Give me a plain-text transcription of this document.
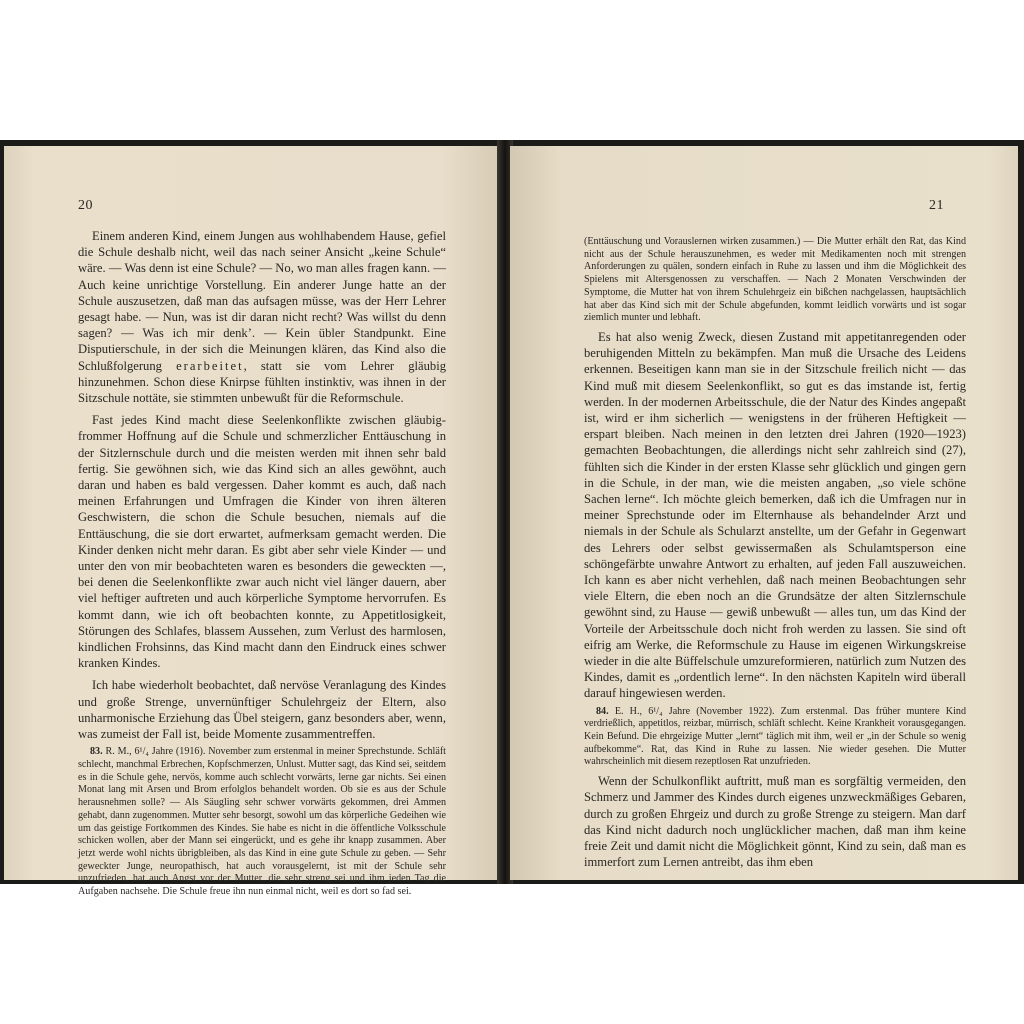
20

Einem anderen Kind, einem Jungen aus wohlhabendem Hause, gefiel die Schule deshalb nicht, weil das nach seiner Ansicht „keine Schule“ wäre. — Was denn ist eine Schule? — No, wo man alles fragen kann. — Auch keine unrichtige Vorstellung. Ein anderer Junge hatte an der Schule auszusetzen, daß man das aufsagen müsse, was der Herr Lehrer gesagt habe. — Nun, was ist dir daran nicht recht? Was willst du denn sagen? — Was ich mir denk’. — Kein übler Standpunkt. Eine Disputierschule, in der sich die Meinungen klären, das Kind also die Schlußfolgerung erarbeitet, statt sie vom Lehrer gläubig hinzunehmen. Schon diese Knirpse fühlten instinktiv, was ihnen in der Sitzschule nottäte, sie stimmten unbewußt für die Reformschule.

Fast jedes Kind macht diese Seelenkonflikte zwischen gläubig-frommer Hoffnung auf die Schule und schmerzlicher Enttäuschung in der Sitzlernschule durch und die meisten werden mit ihnen sehr bald fertig. Sie gewöhnen sich, wie das Kind sich an alles gewöhnt, auch daran und haben es bald vergessen. Daher kommt es auch, daß nach meinen Erfahrungen und Umfragen die Kinder von ihren älteren Geschwistern, die schon die Schule besuchen, niemals auf die Enttäuschung, die sie dort erwartet, aufmerksam gemacht werden. Die Kinder denken nicht mehr daran. Es gibt aber sehr viele Kinder — und unter den von mir beobachteten waren es besonders die geweckten —, bei denen die Seelenkonflikte zwar auch nicht viel länger dauern, aber viel heftiger auftreten und auch körperliche Symptome hervorrufen. Es kommt dann, wie ich oft beobachten konnte, zu Appetitlosigkeit, Störungen des Schlafes, blassem Aussehen, zum Verlust des harmlosen, kindlichen Frohsinns, das Kind macht dann den Eindruck eines schwer kranken Kindes.

Ich habe wiederholt beobachtet, daß nervöse Veranlagung des Kindes und große Strenge, unvernünftiger Schulehrgeiz der Eltern, also unharmonische Erziehung das Übel steigern, ganz besonders aber, wenn, was zumeist der Fall ist, beide Momente zusammentreffen.

83. R. M., 6¹/₄ Jahre (1916). November zum erstenmal in meiner Sprechstunde. Schläft schlecht, manchmal Erbrechen, Kopfschmerzen, Unlust. Mutter sagt, das Kind sei, seitdem es in die Schule gehe, nervös, komme auch schlecht vorwärts, lerne gar nichts. Sei einen Monat lang mit Arsen und Brom erfolglos behandelt worden. Ob sie es aus der Schule herausnehmen solle? — Als Säugling sehr schwer vorwärts gekommen, drei Ammen gehabt, dann zugenommen. Mutter sehr besorgt, sowohl um das körperliche Gedeihen wie um das geistige Fortkommen des Kindes. Sie habe es nicht in die öffentliche Volksschule schicken wollen, aber der Mann sei eingerückt, und es gehe ihr knapp zusammen. Aber jetzt werde wohl nichts übrigbleiben, als das Kind in eine gute Schule zu geben. — Sehr geweckter Junge, neuropathisch, hat auch vorausgelernt, ist mit der Schule sehr unzufrieden, hat auch Angst vor der Mutter, die sehr streng sei und ihm jeden Tag die Aufgaben nachsehe. Die Schule freue ihn nun einmal nicht, weil es dort so fad sei.

21

(Enttäuschung und Vorauslernen wirken zusammen.) — Die Mutter erhält den Rat, das Kind nicht aus der Schule herauszunehmen, es weder mit Medikamenten noch mit strengen Anforderungen zu quälen, sondern einfach in Ruhe zu lassen und ihm die Möglichkeit des Spielens mit Altersgenossen zu verschaffen. — Nach 2 Monaten Verschwinden der Symptome, die Mutter hat von ihrem Schulehrgeiz ein bißchen nachgelassen, hauptsächlich hat aber das Kind sich mit der Schule abgefunden, kommt leidlich vorwärts und ist sogar ziemlich munter und lebhaft.

Es hat also wenig Zweck, diesen Zustand mit appetitanregenden oder beruhigenden Mitteln zu bekämpfen. Man muß die Ursache des Leidens erkennen. Beseitigen kann man sie in der Sitzschule freilich nicht — das Kind muß mit diesem Seelenkonflikt, so gut es das imstande ist, fertig werden. In der modernen Arbeitsschule, die der Natur des Kindes angepaßt ist, wird er ihm sicherlich — wenigstens in der früheren Heftigkeit — erspart bleiben. Nach meinen in den letzten drei Jahren (1920—1923) gemachten Beobachtungen, die allerdings nicht sehr zahlreich sind (27), fühlten sich die Kinder in der ersten Klasse sehr glücklich und gingen gern in die Schule, in der man, wie die meisten angaben, „so viele schöne Sachen lerne“. Ich möchte gleich bemerken, daß ich die Umfragen nur in meiner Sprechstunde oder im Elternhause als behandelnder Arzt und niemals in der Schule als Schularzt anstellte, um der Gefahr in Gegenwart des Lehrers oder selbst gewissermaßen als Schulamtsperson eine schöngefärbte unwahre Antwort zu erhalten, auf jeden Fall auszuweichen. Ich kann es aber nicht verhehlen, daß nach meinen Beobachtungen sehr viele Eltern, die eben noch an die Grundsätze der alten Sitzlernschule gewöhnt sind, zu Hause — gewiß unbewußt — alles tun, um das Kind der Vorteile der Arbeitsschule doch nicht froh werden zu lassen. Sie sind oft eifrig am Werke, die Reformschule zu Hause im eigenen Wirkungskreise wieder in die alte Büffelschule umzureformieren, natürlich zum Nutzen des Kindes, damit es „ordentlich lerne“. In den nächsten Kapiteln wird überall darauf hingewiesen werden.

84. E. H., 6¹/₄ Jahre (November 1922). Zum erstenmal. Das früher muntere Kind verdrießlich, appetitlos, reizbar, mürrisch, schläft schlecht. Keine Krankheit vorausgegangen. Kein Befund. Die ehrgeizige Mutter „lernt“ täglich mit ihm, weil er „in der Schule so wenig aufbekomme“. Rat, das Kind in Ruhe zu lassen. Nie wieder gesehen. Die Mutter wahrscheinlich mit diesem rezeptlosen Rat unzufrieden.

Wenn der Schulkonflikt auftritt, muß man es sorgfältig vermeiden, den Schmerz und Jammer des Kindes durch eigenes unzweckmäßiges Gebaren, durch zu großen Ehrgeiz und durch zu große Strenge zu steigern. Man darf das Kind nicht dadurch noch unglücklicher machen, daß man ihm keine freie Zeit und damit nicht die Möglichkeit gönnt, Kind zu sein, daß man es immerfort zum Lernen antreibt, das ihm eben
